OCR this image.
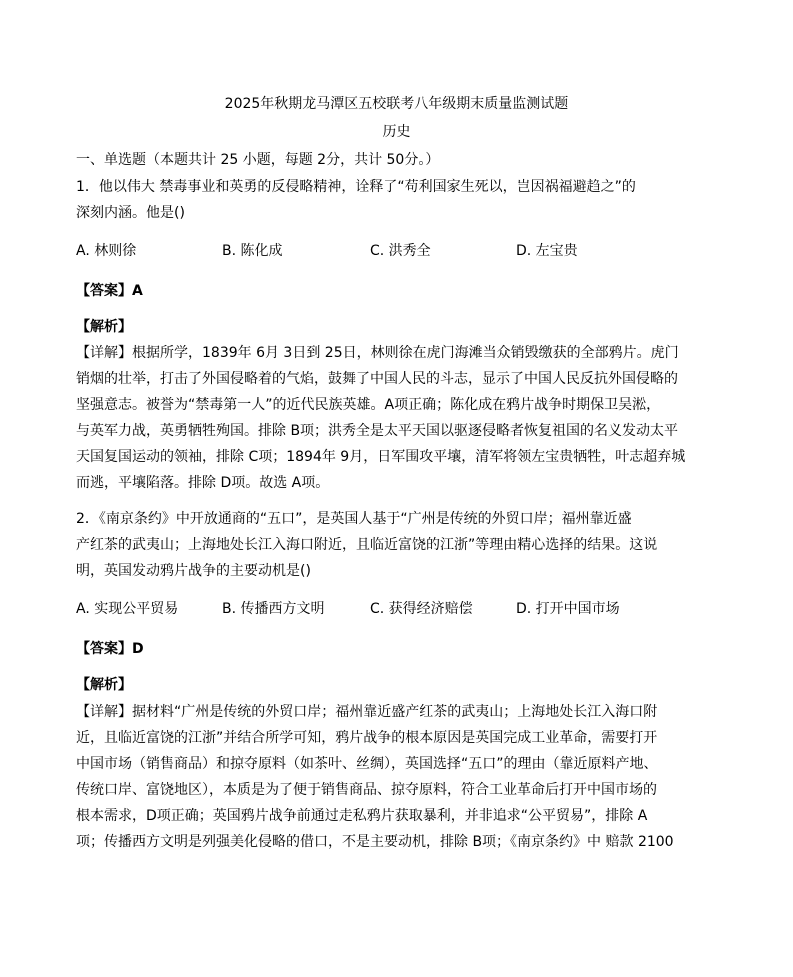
2025年秋期龙马潭区五校联考八年级期末质量监测试题
历史
一、单选题（本题共计 25 小题，每题 2分，共计 50分。）
1．他以伟大 禁毒事业和英勇的反侵略精神，诠释了“苟利国家生死以，岂因祸福避趋之”的
深刻内涵。他是()
A. 林则徐	B. 陈化成	C. 洪秀全	D. 左宝贵
【答案】A
【解析】
【详解】根据所学，1839年 6月 3日到 25日，林则徐在虎门海滩当众销毁缴获的全部鸦片。虎门
销烟的壮举，打击了外国侵略着的气焰，鼓舞了中国人民的斗志，显示了中国人民反抗外国侵略的
坚强意志。被誉为“禁毒第一人”的近代民族英雄。A项正确；陈化成在鸦片战争时期保卫吴淞，
与英军力战，英勇牺牲殉国。排除 B项；洪秀全是太平天国以驱逐侵略者恢复祖国的名义发动太平
天国复国运动的领袖，排除 C项；1894年 9月，日军围攻平壤，清军将领左宝贵牺牲，叶志超弃城
而逃，平壤陷落。排除 D项。故选 A项。
2．《南京条约》中开放通商的“五口”，是英国人基于“广州是传统的外贸口岸；福州靠近盛
产红茶的武夷山；上海地处长江入海口附近，且临近富饶的江浙”等理由精心选择的结果。这说
明，英国发动鸦片战争的主要动机是()
A. 实现公平贸易	B. 传播西方文明	C. 获得经济赔偿	D. 打开中国市场
【答案】D
【解析】
【详解】据材料“广州是传统的外贸口岸；福州靠近盛产红茶的武夷山；上海地处长江入海口附
近，且临近富饶的江浙”并结合所学可知，鸦片战争的根本原因是英国完成工业革命，需要打开
中国市场（销售商品）和掠夺原料（如茶叶、丝绸），英国选择“五口”的理由（靠近原料产地、
传统口岸、富饶地区），本质是为了便于销售商品、掠夺原料，符合工业革命后打开中国市场的
根本需求，D项正确；英国鸦片战争前通过走私鸦片获取暴利，并非追求“公平贸易”，排除 A
项；传播西方文明是列强美化侵略的借口，不是主要动机，排除 B项；《南京条约》中 赔款 2100
